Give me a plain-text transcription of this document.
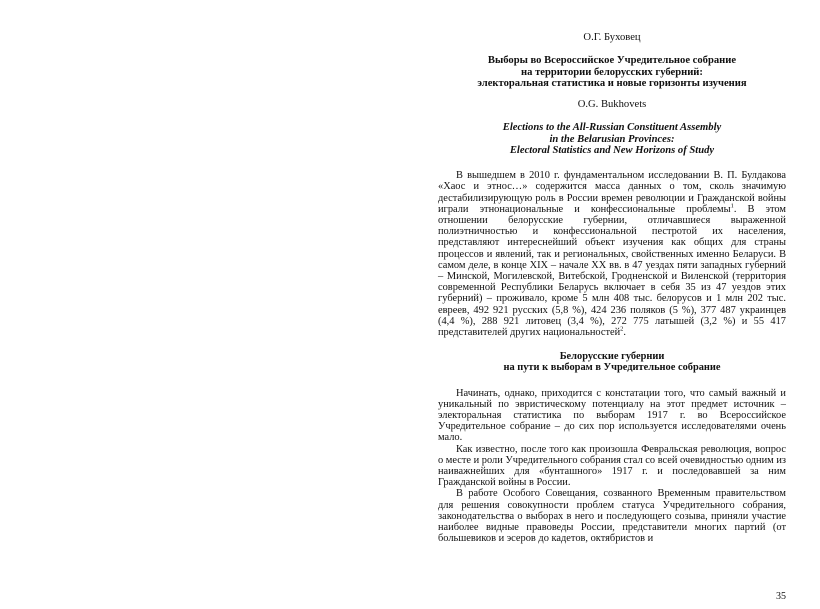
О.Г. Буховец
Выборы во Всероссийское Учредительное собрание
на территории белорусских губерний:
электоральная статистика и новые горизонты изучения
O.G. Bukhovets
Elections to the All-Russian Constituent Assembly
in the Belarusian Provinces:
Electoral Statistics and New Horizons of Study

В вышедшем в 2010 г. фундаментальном исследовании В. П. Булдакова «Хаос и этнос…» содержится масса данных о том, сколь значимую дестабилизирующую роль в России времен революции и Гражданской войны играли этнонациональные и конфессиональные проблемы$^1$. В этом отношении белорусские губернии, отличавшиеся выраженной полиэтничностью и конфессиональной пестротой их населения, представляют интереснейший объект изучения как общих для страны процессов и явлений, так и региональных, свойственных именно Беларуси. В самом деле, в конце XIX – начале XX вв. в 47 уездах пяти западных губерний – Минской, Могилевской, Витебской, Гродненской и Виленской (территория современной Республики Беларусь включает в себя 35 из 47 уездов этих губерний) – проживало, кроме 5 млн 408 тыс. белорусов и 1 млн 202 тыс. евреев, 492 921 русских (5,8 %), 424 236 поляков (5 %), 377 487 украинцев (4,4 %), 288 921 литовец (3,4 %), 272 775 латышей (3,2 %) и 55 417 представителей других национальностей$^2$.

Белорусские губернии
на пути к выборам в Учредительное собрание

Начинать, однако, приходится с констатации того, что самый важный и уникальный по эвристическому потенциалу на этот предмет источник – электоральная статистика по выборам 1917 г. во Всероссийское Учредительное собрание – до сих пор используется исследователями очень мало.

Как известно, после того как произошла Февральская революция, вопрос о месте и роли Учредительного собрания стал со всей очевидностью одним из наиважнейших для «бунташного» 1917 г. и последовавшей за ним Гражданской войны в России.

В работе Особого Совещания, созванного Временным правительством для решения совокупности проблем статуса Учредительного собрания, законодательства о выборах в него и последующего созыва, приняли участие наиболее видные правоведы России, представители многих партий (от большевиков и эсеров до кадетов, октябристов и

35
